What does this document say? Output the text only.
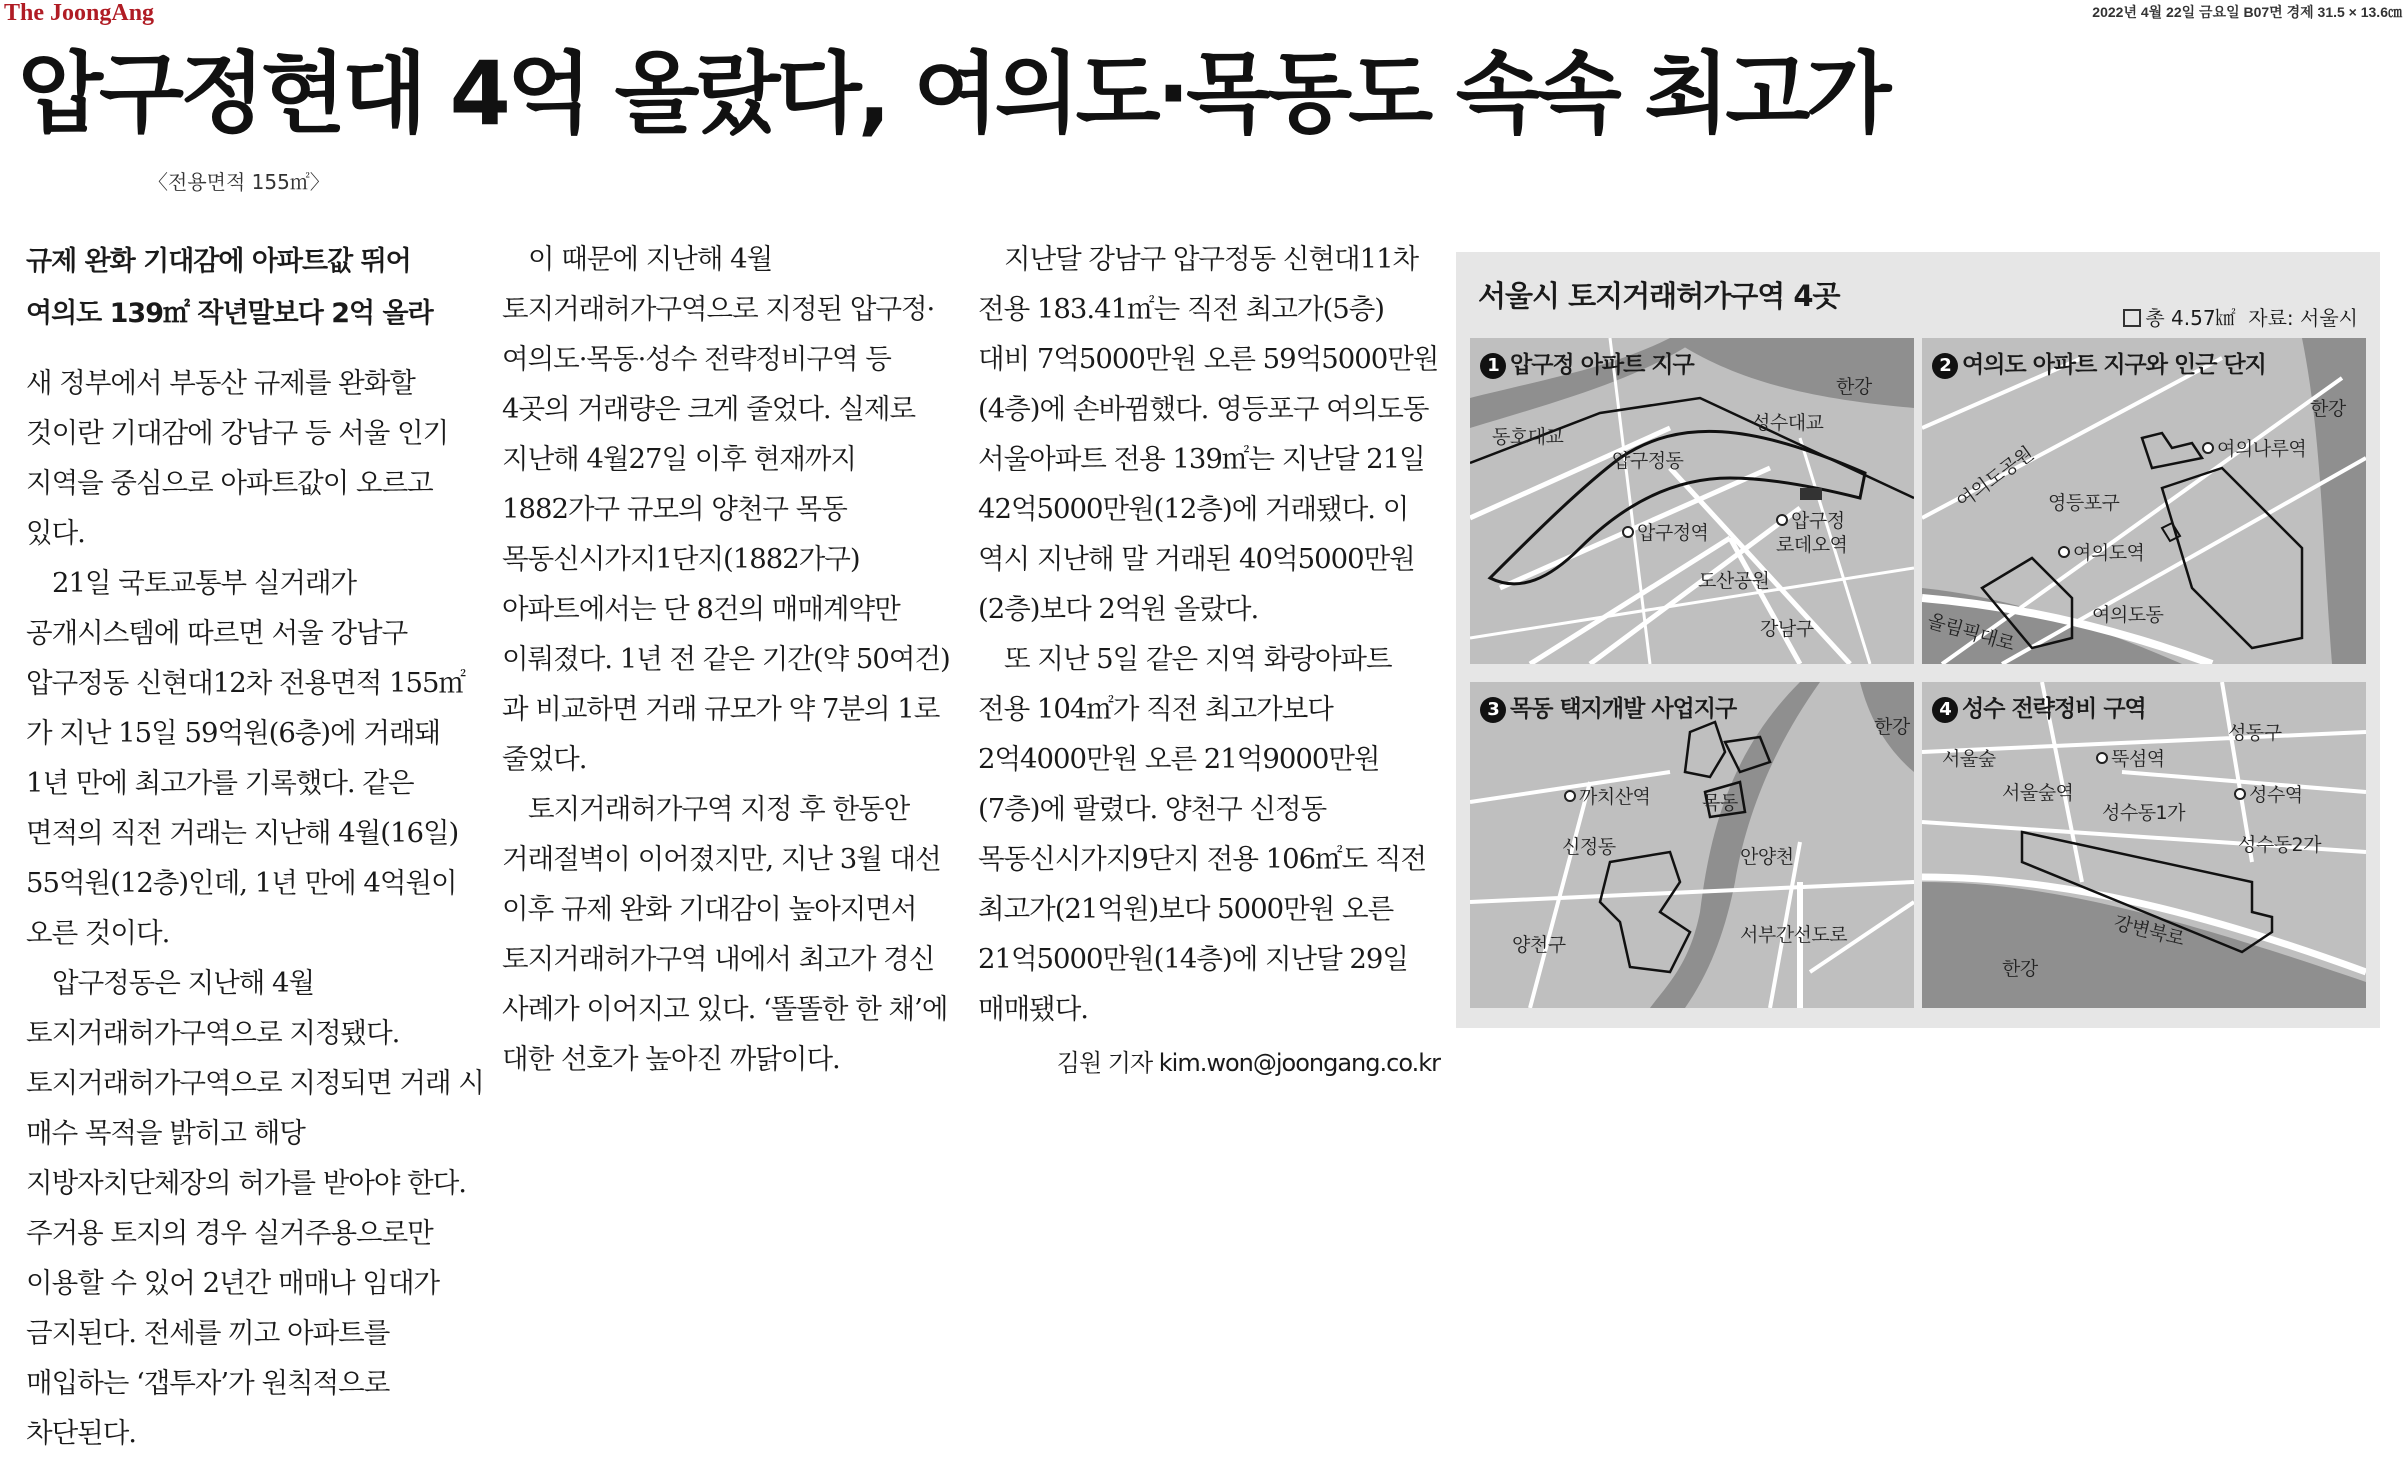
The JoongAng	2022년 4월 22일 금요일 B07면 경제 31.5 × 13.6㎝
압구정현대 4억 올랐다, 여의도·목동도 속속 최고가
〈전용면적 155㎡〉
규제 완화 기대감에 아파트값 뛰어
여의도 139㎡ 작년말보다 2억 올라

새 정부에서 부동산 규제를 완화할 것이란 기대감에 강남구 등 서울 인기 지역을 중심으로 아파트값이 오르고 있다.

21일 국토교통부 실거래가 공개시스템에 따르면 서울 강남구 압구정동 신현대12차 전용면적 155㎡가 지난 15일 59억원(6층)에 거래돼 1년 만에 최고가를 기록했다. 같은 면적의 직전 거래는 지난해 4월(16일) 55억원(12층)인데, 1년 만에 4억원이 오른 것이다.

압구정동은 지난해 4월 토지거래허가구역으로 지정됐다. 토지거래허가구역으로 지정되면 거래 시 매수 목적을 밝히고 해당 지방자치단체장의 허가를 받아야 한다. 주거용 토지의 경우 실거주용으로만 이용할 수 있어 2년간 매매나 임대가 금지된다. 전세를 끼고 아파트를 매입하는 ‘갭투자’가 원칙적으로 차단된다.

이 때문에 지난해 4월 토지거래허가구역으로 지정된 압구정·여의도·목동·성수 전략정비구역 등 4곳의 거래량은 크게 줄었다. 실제로 지난해 4월27일 이후 현재까지 1882가구 규모의 양천구 목동 목동신시가지1단지(1882가구) 아파트에서는 단 8건의 매매계약만 이뤄졌다. 1년 전 같은 기간(약 50여건)과 비교하면 거래 규모가 약 7분의 1로 줄었다.

토지거래허가구역 지정 후 한동안 거래절벽이 이어졌지만, 지난 3월 대선 이후 규제 완화 기대감이 높아지면서 토지거래허가구역 내에서 최고가 경신 사례가 이어지고 있다. ‘똘똘한 한 채’에 대한 선호가 높아진 까닭이다.

지난달 강남구 압구정동 신현대11차 전용 183.41㎡는 직전 최고가(5층) 대비 7억5000만원 오른 59억5000만원(4층)에 손바뀜했다. 영등포구 여의도동 서울아파트 전용 139㎡는 지난달 21일 42억5000만원(12층)에 거래됐다. 이 역시 지난해 말 거래된 40억5000만원(2층)보다 2억원 올랐다.

또 지난 5일 같은 지역 화랑아파트 전용 104㎡가 직전 최고가보다 2억4000만원 오른 21억9000만원(7층)에 팔렸다. 양천구 신정동 목동신시가지9단지 전용 106㎡도 직전 최고가(21억원)보다 5000만원 오른 21억5000만원(14층)에 지난달 29일 매매됐다.

김원 기자 kim.won@joongang.co.kr
서울시 토지거래허가구역 4곳
총 4.57㎢ 자료: 서울시
1 압구정 아파트 지구
한강
성수대교
동호대교
압구정동
압구정역
압구정
로데오역
도산공원
강남구
2 여의도 아파트 지구와 인근 단지
한강
여의나루역
여의도공원 영등포구
여의도역
여의도동
올림픽대로
3 목동 택지개발 사업지구
한강
까치산역	목동
신정동	안양천
양천구	서부간선도로
4 성수 전략정비 구역
성동구
서울숲	뚝섬역
서울숲역	성수역
성수동1가
성수동2가
강변북로
한강
